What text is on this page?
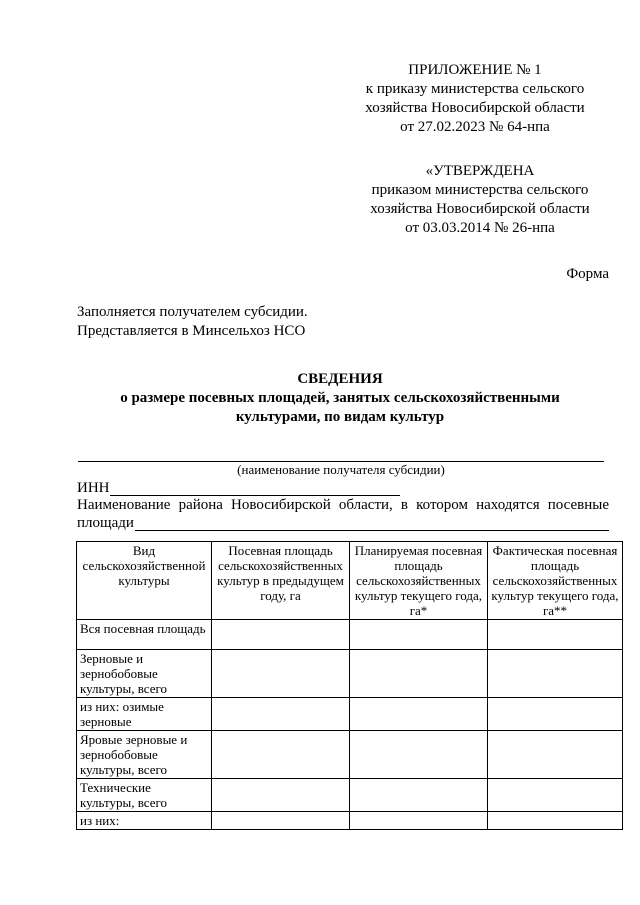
ПРИЛОЖЕНИЕ № 1
к приказу министерства сельского
хозяйства Новосибирской области
от 27.02.2023 № 64-нпа
«УТВЕРЖДЕНА
приказом министерства сельского
хозяйства Новосибирской области
от 03.03.2014 № 26-нпа
Форма
Заполняется получателем субсидии.
Представляется в Минсельхоз НСО
СВЕДЕНИЯ
о размере посевных площадей, занятых сельскохозяйственными
культурами, по видам культур
(наименование получателя субсидии)
ИНН
Наименование района Новосибирской области, в котором находятся посевные
площади
Вид сельскохозяйственной культуры	Посевная площадь сельскохозяйственных культур в предыдущем году, га	Планируемая посевная площадь сельскохозяйственных культур текущего года, га*	Фактическая посевная площадь сельскохозяйственных культур текущего года, га**
Вся посевная площадь			
Зерновые и зернобобовые культуры, всего			
из них: озимые зерновые			
Яровые зерновые и зернобобовые культуры, всего			
Технические культуры, всего			
из них:			
